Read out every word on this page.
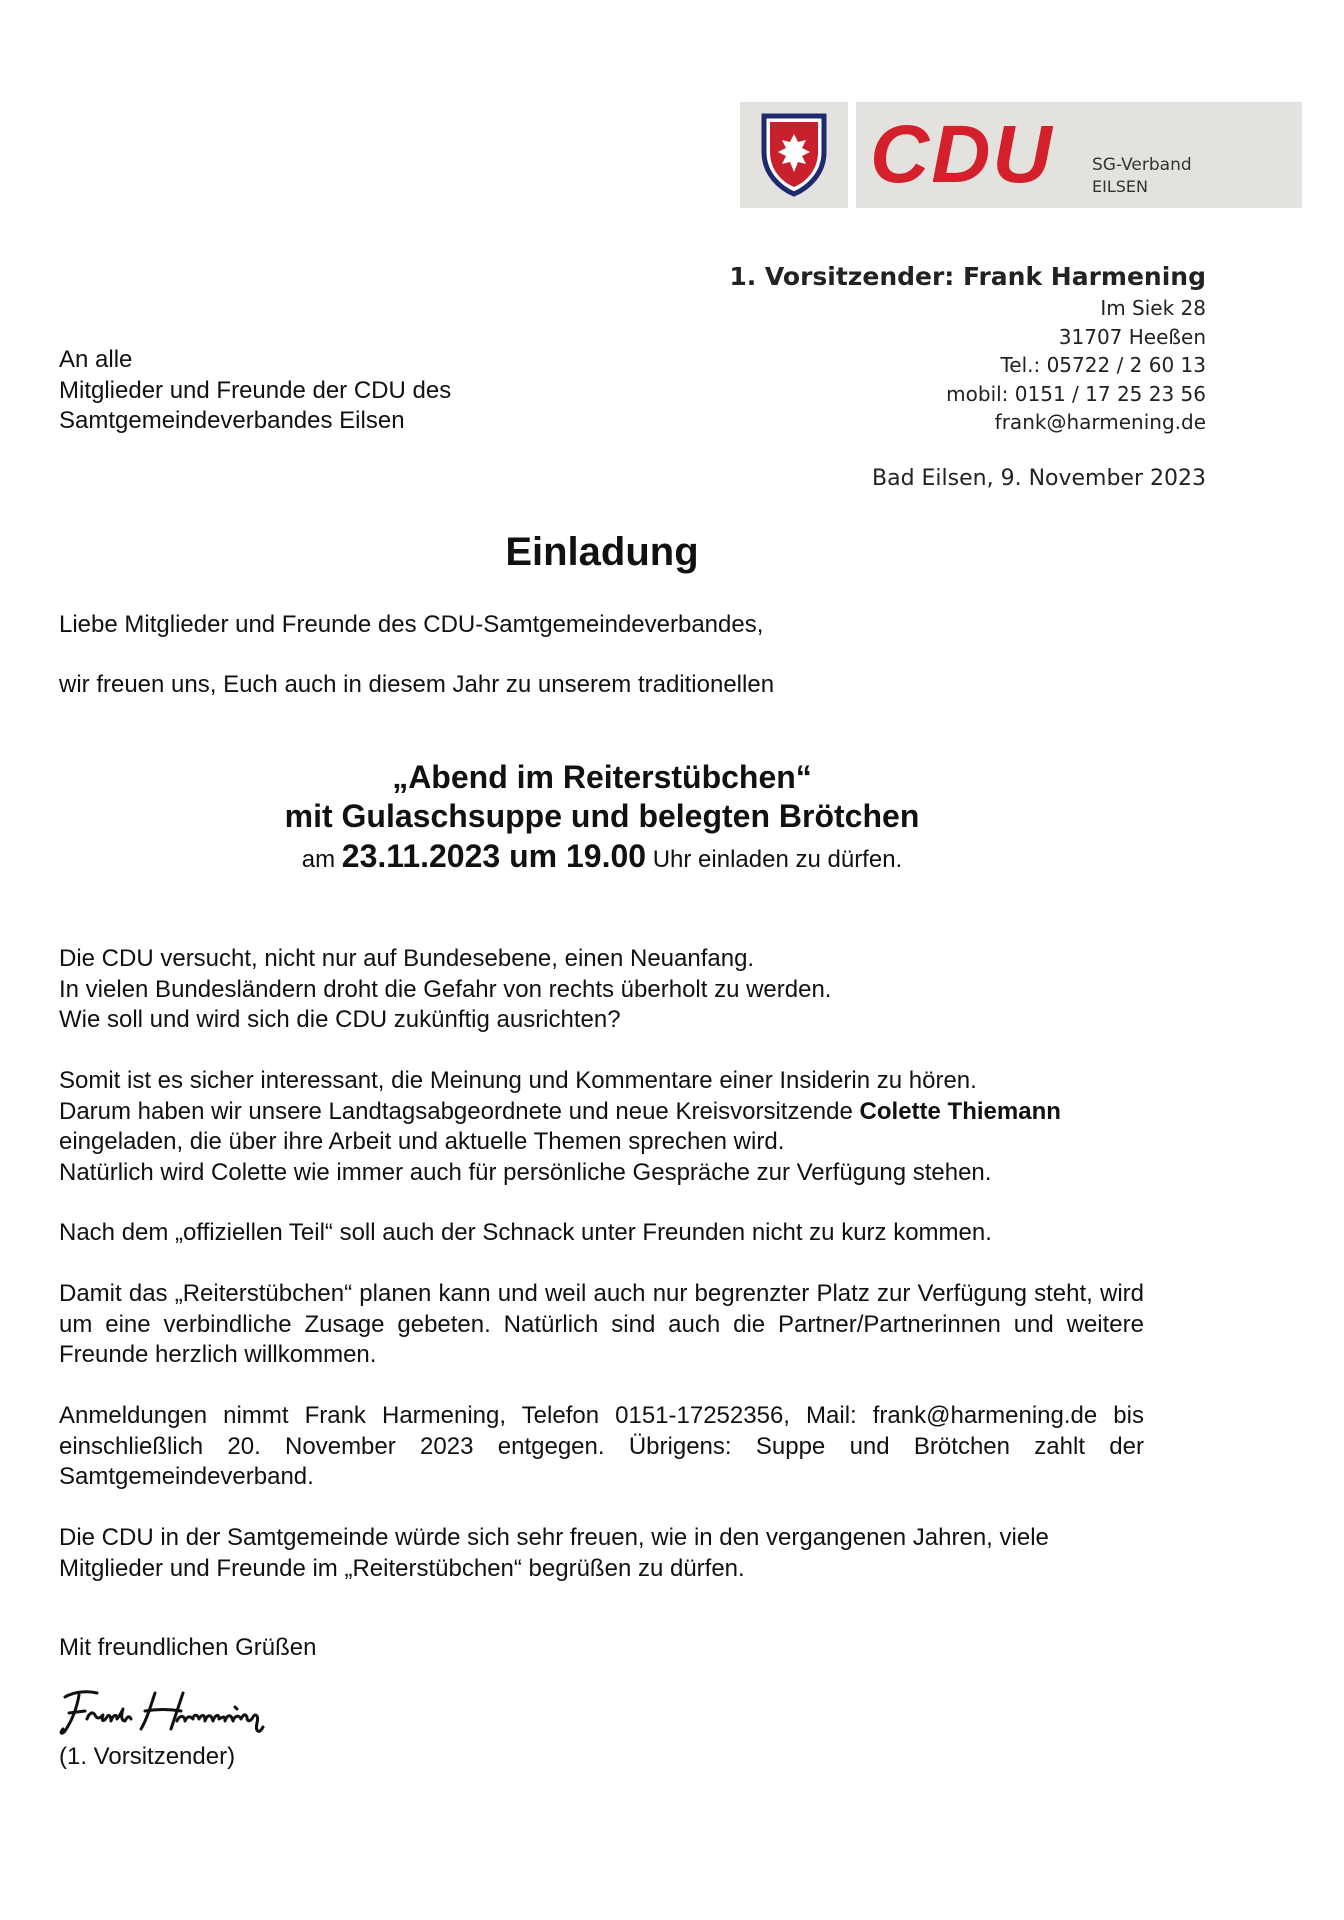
CDU SG-Verband
EILSEN
1. Vorsitzender: Frank Harmening
Im Siek 28
31707 Heeßen
Tel.: 05722 / 2 60 13
mobil: 0151 / 17 25 23 56
frank@harmening.de
An alle
Mitglieder und Freunde der CDU des
Samtgemeindeverbandes Eilsen
Bad Eilsen, 9. November 2023
Einladung

Liebe Mitglieder und Freunde des CDU-Samtgemeindeverbandes,

wir freuen uns, Euch auch in diesem Jahr zu unserem traditionellen

„Abend im Reiterstübchen“
mit Gulaschsuppe und belegten Brötchen
am 23.11.2023 um 19.00 Uhr einladen zu dürfen.

Die CDU versucht, nicht nur auf Bundesebene, einen Neuanfang.

In vielen Bundesländern droht die Gefahr von rechts überholt zu werden.

Wie soll und wird sich die CDU zukünftig ausrichten?

Somit ist es sicher interessant, die Meinung und Kommentare einer Insiderin zu hören.

Darum haben wir unsere Landtagsabgeordnete und neue Kreisvorsitzende Colette Thiemann

eingeladen, die über ihre Arbeit und aktuelle Themen sprechen wird.

Natürlich wird Colette wie immer auch für persönliche Gespräche zur Verfügung stehen.

Nach dem „offiziellen Teil“ soll auch der Schnack unter Freunden nicht zu kurz kommen.

Damit das „Reiterstübchen“ planen kann und weil auch nur begrenzter Platz zur Verfügung steht, wird um eine verbindliche Zusage gebeten. Natürlich sind auch die Partner/Partnerinnen und weitere Freunde herzlich willkommen.

Anmeldungen nimmt Frank Harmening, Telefon 0151-17252356, Mail: frank@harmening.de bis einschließlich 20. November 2023 entgegen. Übrigens: Suppe und Brötchen zahlt der Samtgemeindeverband.

Die CDU in der Samtgemeinde würde sich sehr freuen, wie in den vergangenen Jahren, viele Mitglieder und Freunde im „Reiterstübchen“ begrüßen zu dürfen.

Mit freundlichen Grüßen

(1. Vorsitzender)
